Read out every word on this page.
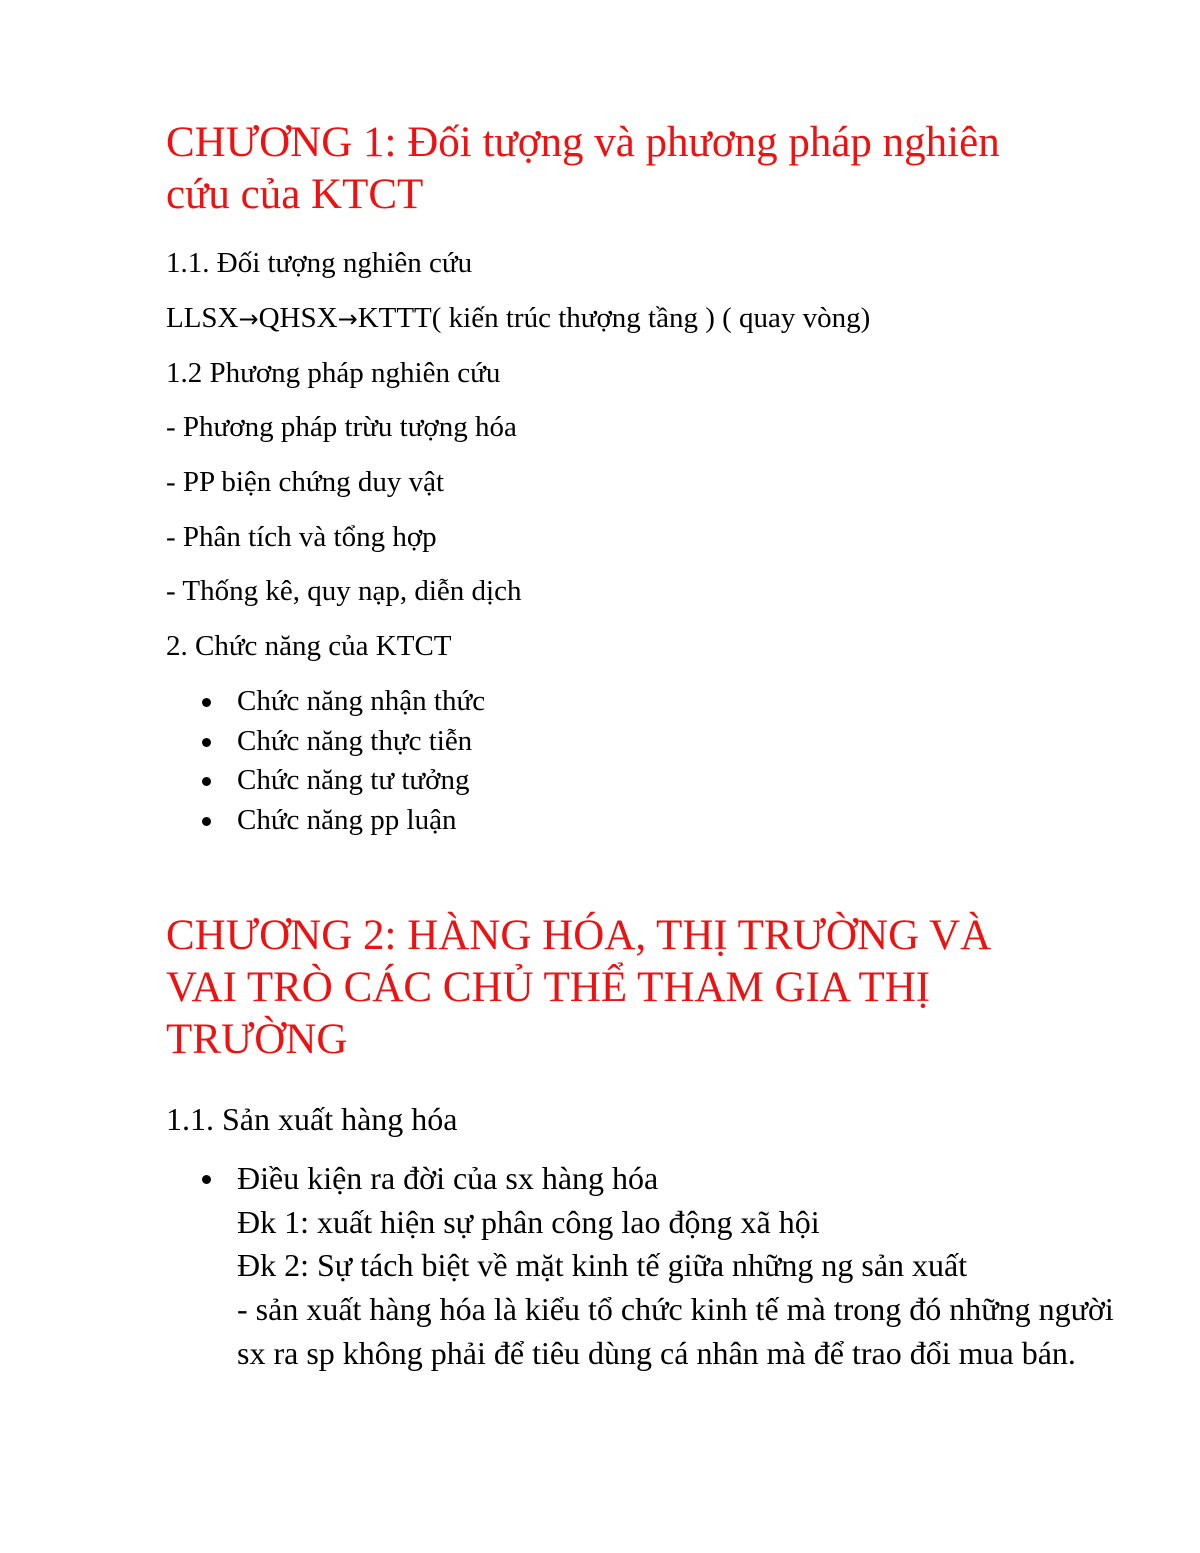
CHƯƠNG 1: Đối tượng và phương pháp nghiên
cứu của KTCT

1.1. Đối tượng nghiên cứu

LLSX→QHSX→KTTT( kiến trúc thượng tầng ) ( quay vòng)

1.2 Phương pháp nghiên cứu

- Phương pháp trừu tượng hóa

- PP biện chứng duy vật

- Phân tích và tổng hợp

- Thống kê, quy nạp, diễn dịch

2. Chức năng của KTCT

Chức năng nhận thức
Chức năng thực tiễn
Chức năng tư tưởng
Chức năng pp luận
CHƯƠNG 2: HÀNG HÓA, THỊ TRƯỜNG VÀ
VAI TRÒ CÁC CHỦ THỂ THAM GIA THỊ
TRƯỜNG

1.1. Sản xuất hàng hóa

Điều kiện ra đời của sx hàng hóa
Đk 1: xuất hiện sự phân công lao động xã hội
Đk 2: Sự tách biệt về mặt kinh tế giữa những ng sản xuất
- sản xuất hàng hóa là kiểu tổ chức kinh tế mà trong đó những người sx ra sp không phải để tiêu dùng cá nhân mà để trao đổi mua bán.
